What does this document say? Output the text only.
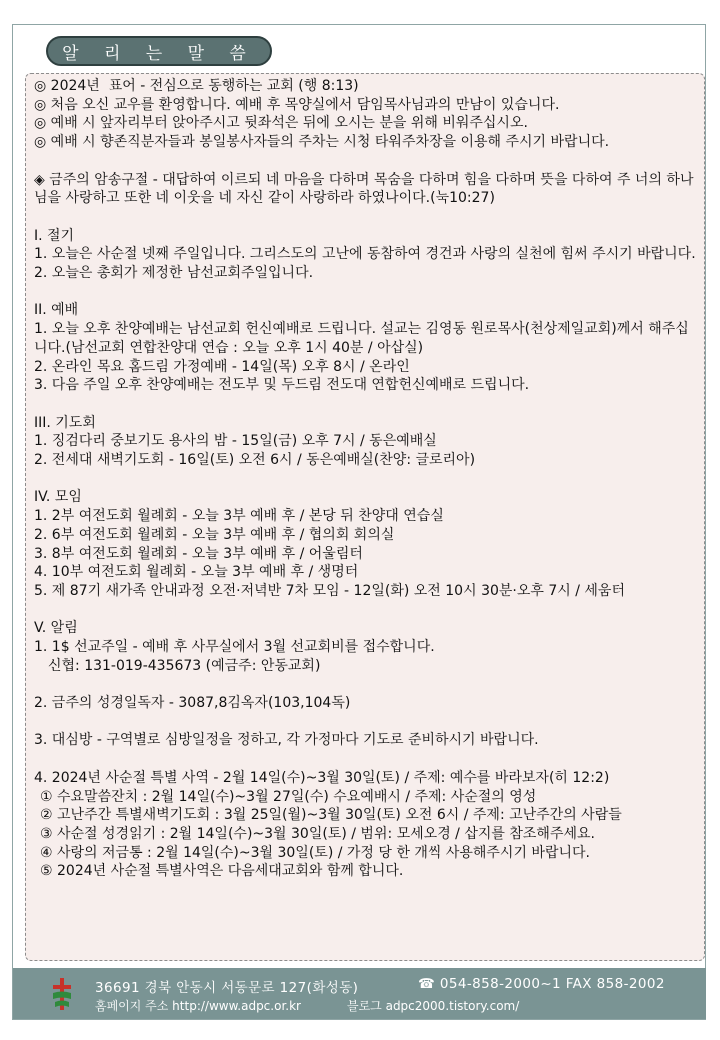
알 리 는 말 씀

◎ 2024년  표어 - 전심으로 동행하는 교회 (행 8:13)

◎ 처음 오신 교우를 환영합니다. 예배 후 목양실에서 담임목사님과의 만남이 있습니다.

◎ 예배 시 앞자리부터 앉아주시고 뒷좌석은 뒤에 오시는 분을 위해 비워주십시오.

◎ 예배 시 향존직분자들과 봉일봉사자들의 주차는 시청 타워주차장을 이용해 주시기 바랍니다.

◈ 금주의 암송구절 - 대답하여 이르되 네 마음을 다하며 목숨을 다하며 힘을 다하며 뜻을 다하여 주 너의 하나님을 사랑하고 또한 네 이웃을 네 자신 같이 사랑하라 하였나이다.(눅10:27)

I. 절기

1. 오늘은 사순절 넷째 주일입니다. 그리스도의 고난에 동참하여 경건과 사랑의 실천에 힘써 주시기 바랍니다.

2. 오늘은 총회가 제정한 남선교회주일입니다.

II. 예배

1. 오늘 오후 찬양예배는 남선교회 헌신예배로 드립니다. 설교는 김영동 원로목사(천상제일교회)께서 해주십니다.(남선교회 연합찬양대 연습 : 오늘 오후 1시 40분 / 아삽실)

2. 온라인 목요 홈드림 가정예배 - 14일(목) 오후 8시 / 온라인

3. 다음 주일 오후 찬양예배는 전도부 및 두드림 전도대 연합헌신예배로 드립니다.

III. 기도회

1. 징검다리 중보기도 용사의 밤 - 15일(금) 오후 7시 / 동은예배실

2. 전세대 새벽기도회 - 16일(토) 오전 6시 / 동은예배실(찬양: 글로리아)

IV. 모임

1. 2부 여전도회 월례회 - 오늘 3부 예배 후 / 본당 뒤 찬양대 연습실

2. 6부 여전도회 월례회 - 오늘 3부 예배 후 / 협의회 회의실

3. 8부 여전도회 월례회 - 오늘 3부 예배 후 / 어울림터

4. 10부 여전도회 월례회 - 오늘 3부 예배 후 / 생명터

5. 제 87기 새가족 안내과정 오전·저녁반 7차 모임 - 12일(화) 오전 10시 30분·오후 7시 / 세움터

V. 알림

1. 1$ 선교주일 - 예배 후 사무실에서 3월 선교회비를 접수합니다.

신협: 131-019-435673 (예금주: 안동교회)

2. 금주의 성경일독자 - 3087,8김옥자(103,104독)

3. 대심방 - 구역별로 심방일정을 정하고, 각 가정마다 기도로 준비하시기 바랍니다.

4. 2024년 사순절 특별 사역 - 2월 14일(수)~3월 30일(토) / 주제: 예수를 바라보자(히 12:2)

① 수요말씀잔치 : 2월 14일(수)~3월 27일(수) 수요예배시 / 주제: 사순절의 영성

② 고난주간 특별새벽기도회 : 3월 25일(월)~3월 30일(토) 오전 6시 / 주제: 고난주간의 사람들

③ 사순절 성경읽기 : 2월 14일(수)~3월 30일(토) / 범위: 모세오경 / 삽지를 참조해주세요.

④ 사랑의 저금통 : 2월 14일(수)~3월 30일(토) / 가정 당 한 개씩 사용해주시기 바랍니다.

⑤ 2024년 사순절 특별사역은 다음세대교회와 함께 합니다.

36691 경북 안동시 서동문로 127(화성동)	☎ 054-858-2000~1 FAX 858-2002
홈페이지 주소 http://www.adpc.or.kr	블로그 adpc2000.tistory.com/
